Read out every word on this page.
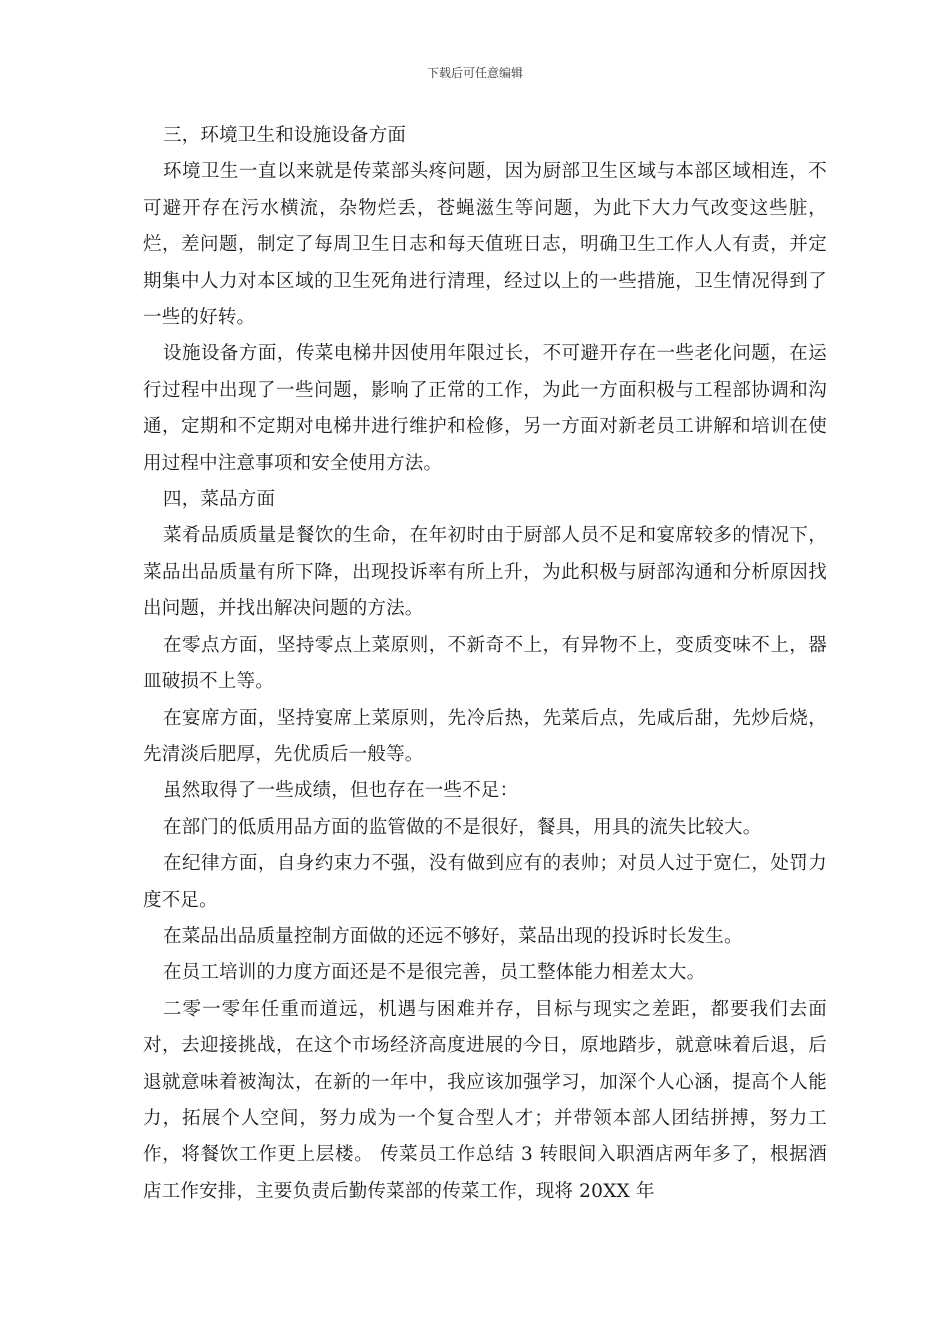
下载后可任意编辑

三，环境卫生和设施设备方面

环境卫生一直以来就是传菜部头疼问题，因为厨部卫生区域与本部区域相连，不可避开存在污水横流，杂物烂丢，苍蝇滋生等问题，为此下大力气改变这些脏，烂，差问题，制定了每周卫生日志和每天值班日志，明确卫生工作人人有责，并定期集中人力对本区域的卫生死角进行清理，经过以上的一些措施，卫生情况得到了一些的好转。

设施设备方面，传菜电梯井因使用年限过长，不可避开存在一些老化问题，在运行过程中出现了一些问题，影响了正常的工作，为此一方面积极与工程部协调和沟通，定期和不定期对电梯井进行维护和检修，另一方面对新老员工讲解和培训在使用过程中注意事项和安全使用方法。

四，菜品方面

菜肴品质质量是餐饮的生命，在年初时由于厨部人员不足和宴席较多的情况下，菜品出品质量有所下降，出现投诉率有所上升，为此积极与厨部沟通和分析原因找出问题，并找出解决问题的方法。

在零点方面，坚持零点上菜原则，不新奇不上，有异物不上，变质变味不上，器皿破损不上等。

在宴席方面，坚持宴席上菜原则，先冷后热，先菜后点，先咸后甜，先炒后烧，先清淡后肥厚，先优质后一般等。

虽然取得了一些成绩，但也存在一些不足：

在部门的低质用品方面的监管做的不是很好，餐具，用具的流失比较大。

在纪律方面，自身约束力不强，没有做到应有的表帅；对员人过于宽仁，处罚力度不足。

在菜品出品质量控制方面做的还远不够好，菜品出现的投诉时长发生。

在员工培训的力度方面还是不是很完善，员工整体能力相差太大。

二零一零年任重而道远，机遇与困难并存，目标与现实之差距，都要我们去面对，去迎接挑战，在这个市场经济高度进展的今日，原地踏步，就意味着后退，后退就意味着被淘汰，在新的一年中，我应该加强学习，加深个人心涵，提高个人能力，拓展个人空间，努力成为一个复合型人才；并带领本部人团结拼搏，努力工作，将餐饮工作更上层楼。 传菜员工作总结 3 转眼间入职酒店两年多了，根据酒店工作安排，主要负责后勤传菜部的传菜工作，现将 20XX 年
